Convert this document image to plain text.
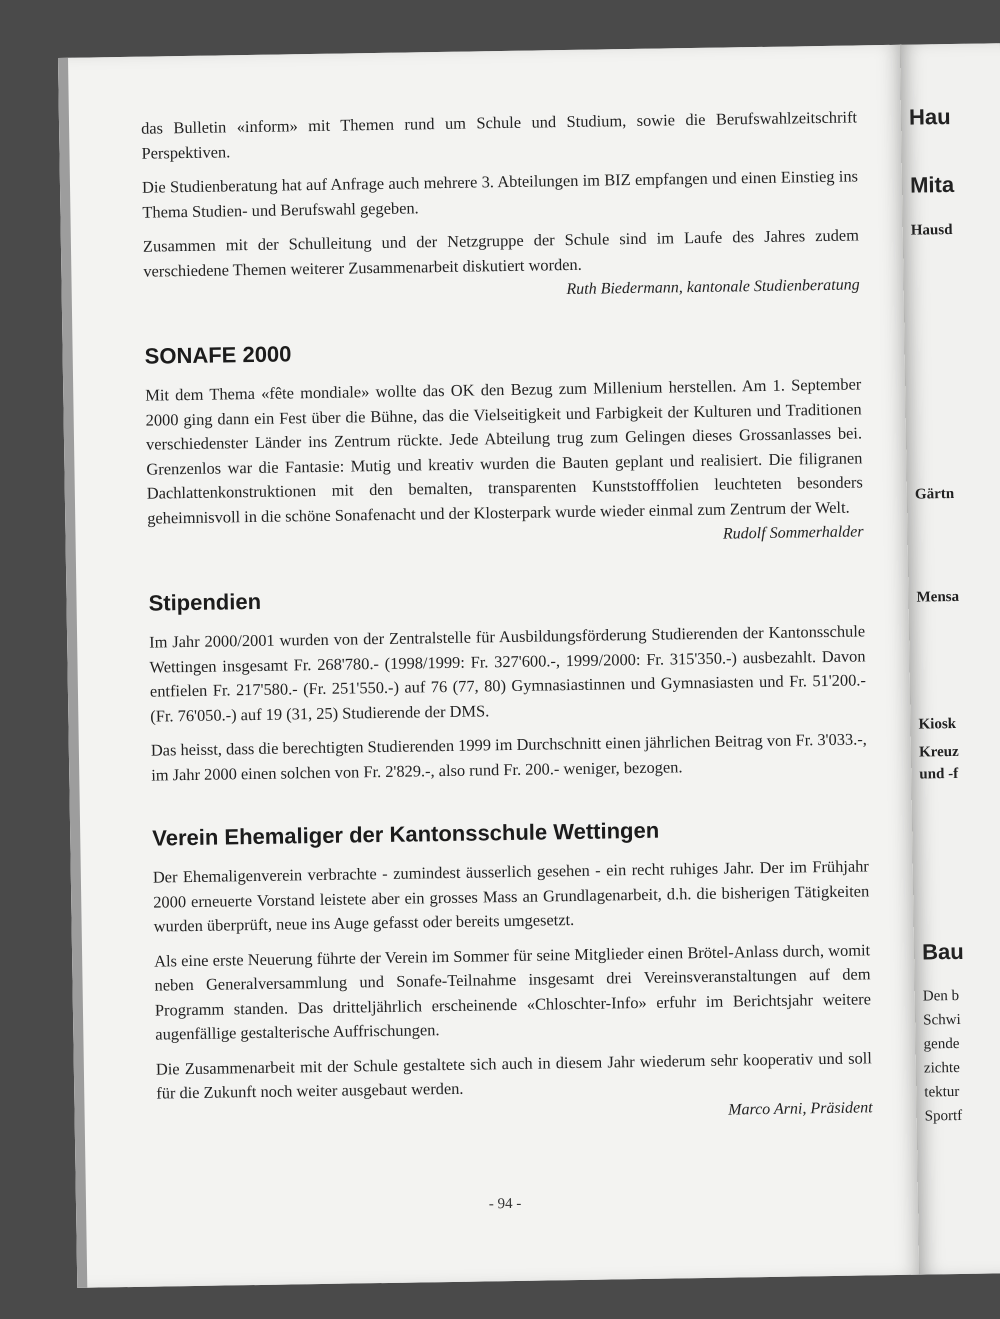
das Bulletin «inform» mit Themen rund um Schule und Studium, sowie die Berufswahlzeitschrift Perspektiven.

Die Studienberatung hat auf Anfrage auch mehrere 3. Abteilungen im BIZ empfangen und einen Einstieg ins Thema Studien- und Berufswahl gegeben.

Zusammen mit der Schulleitung und der Netzgruppe der Schule sind im Laufe des Jahres zudem verschiedene Themen weiterer Zusammenarbeit diskutiert worden.

Ruth Biedermann, kantonale Studienberatung
SONAFE 2000

Mit dem Thema «fête mondiale» wollte das OK den Bezug zum Millenium herstellen. Am 1. September 2000 ging dann ein Fest über die Bühne, das die Vielseitigkeit und Farbigkeit der Kulturen und Traditionen verschiedenster Länder ins Zentrum rückte. Jede Abteilung trug zum Gelingen dieses Grossanlasses bei. Grenzenlos war die Fantasie: Mutig und kreativ wurden die Bauten geplant und realisiert. Die filigranen Dachlattenkonstruktionen mit den bemalten, transparenten Kunststofffolien leuchteten besonders geheimnisvoll in die schöne Sonafenacht und der Klosterpark wurde wieder einmal zum Zentrum der Welt.

Rudolf Sommerhalder
Stipendien

Im Jahr 2000/2001 wurden von der Zentralstelle für Ausbildungsförderung Studierenden der Kantonsschule Wettingen insgesamt Fr. 268'780.- (1998/1999: Fr. 327'600.-, 1999/2000: Fr. 315'350.-) ausbezahlt. Davon entfielen Fr. 217'580.- (Fr. 251'550.-) auf 76 (77, 80) Gymnasiastinnen und Gymnasiasten und Fr. 51'200.- (Fr. 76'050.-) auf 19 (31, 25) Studierende der DMS.

Das heisst, dass die berechtigten Studierenden 1999 im Durchschnitt einen jährlichen Beitrag von Fr. 3'033.-, im Jahr 2000 einen solchen von Fr. 2'829.-, also rund Fr. 200.- weniger, bezogen.

Verein Ehemaliger der Kantonsschule Wettingen

Der Ehemaligenverein verbrachte - zumindest äusserlich gesehen - ein recht ruhiges Jahr. Der im Frühjahr 2000 erneuerte Vorstand leistete aber ein grosses Mass an Grundlagenarbeit, d.h. die bisherigen Tätigkeiten wurden überprüft, neue ins Auge gefasst oder bereits umgesetzt.

Als eine erste Neuerung führte der Verein im Sommer für seine Mitglieder einen Brötel-Anlass durch, womit neben Generalversammlung und Sonafe-Teilnahme insgesamt drei Vereinsveranstaltungen auf dem Programm standen. Das dritteljährlich erscheinende «Chloschter-Info» erfuhr im Berichtsjahr weitere augenfällige gestalterische Auffrischungen.

Die Zusammenarbeit mit der Schule gestaltete sich auch in diesem Jahr wiederum sehr kooperativ und soll für die Zukunft noch weiter ausgebaut werden.

Marco Arni, Präsident
- 94 -
Hau
Mita
Hausd
Gärtn
Mensa
Kiosk
Kreuz
und -f
Bau
Den b
Schwi
gende
zichte
tektur
Sportf
